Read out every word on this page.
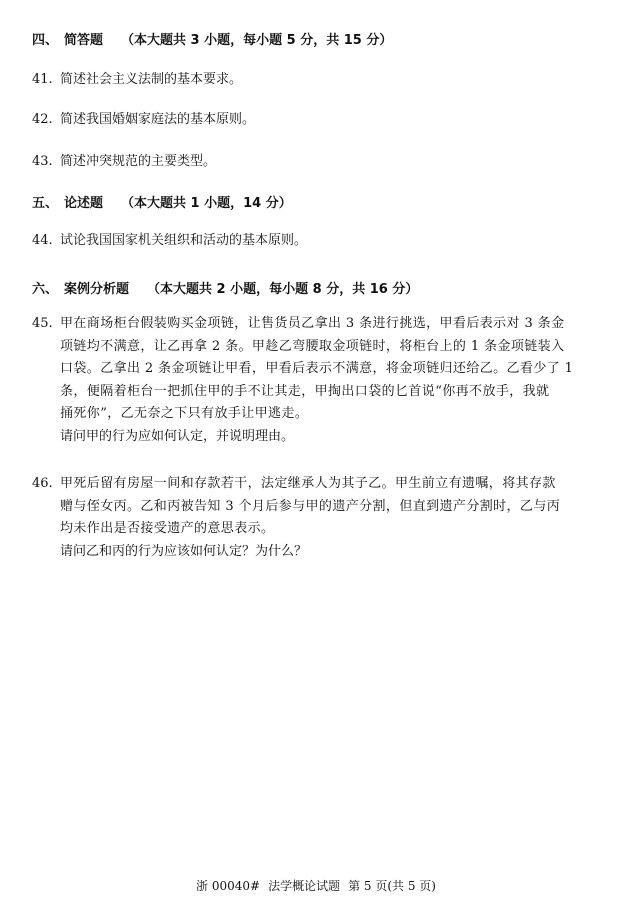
四、 简答题 （本大题共 3 小题，每小题 5 分，共 15 分）
41. 简述社会主义法制的基本要求。
42. 简述我国婚姻家庭法的基本原则。
43. 简述冲突规范的主要类型。
五、 论述题 （本大题共 1 小题，14 分）
44. 试论我国国家机关组织和活动的基本原则。
六、 案例分析题 （本大题共 2 小题，每小题 8 分，共 16 分）
45. 甲在商场柜台假装购买金项链，让售货员乙拿出 3 条进行挑选，甲看后表示对 3 条金
项链均不满意，让乙再拿 2 条。甲趁乙弯腰取金项链时，将柜台上的 1 条金项链装入
口袋。乙拿出 2 条金项链让甲看，甲看后表示不满意，将金项链归还给乙。乙看少了 1
条，便隔着柜台一把抓住甲的手不让其走，甲掏出口袋的匕首说“你再不放手，我就
捅死你”，乙无奈之下只有放手让甲逃走。
请问甲的行为应如何认定，并说明理由。
46. 甲死后留有房屋一间和存款若干，法定继承人为其子乙。甲生前立有遗嘱，将其存款
赠与侄女丙。乙和丙被告知 3 个月后参与甲的遗产分割，但直到遗产分割时，乙与丙
均未作出是否接受遗产的意思表示。
请问乙和丙的行为应该如何认定？为什么？
浙 00040# 法学概论试题 第 5 页(共 5 页)
